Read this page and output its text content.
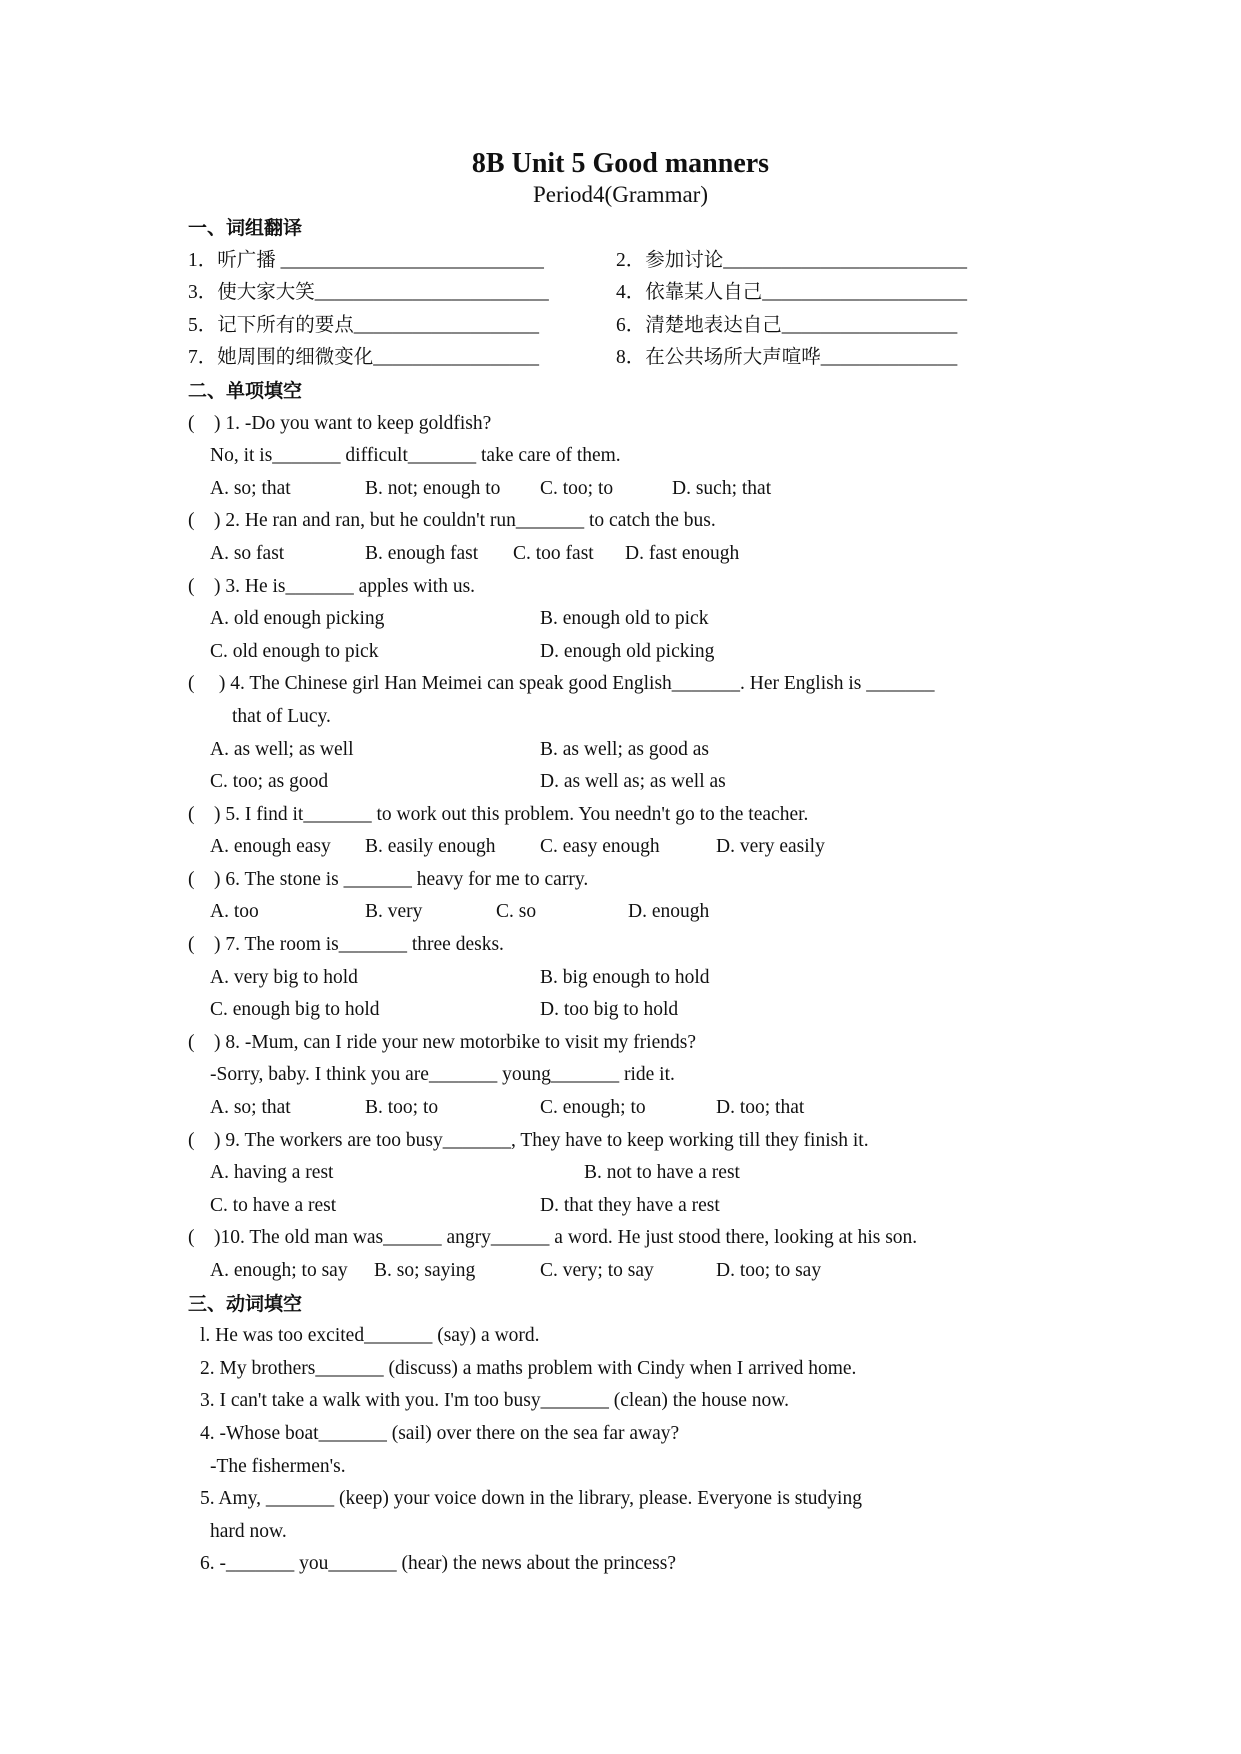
8B Unit 5 Good manners
Period4(Grammar)
一、词组翻译
1．听广播 ___________________________	2．参加讨论_________________________
3．使大家大笑________________________	4．依靠某人自己_____________________
5．记下所有的要点___________________	6．清楚地表达自己__________________
7．她周围的细微变化_________________	8．在公共场所大声喧哗______________
二、单项填空
(    ) 1. -Do you want to keep goldfish?
No, it is_______ difficult_______ take care of them.
A. so; that	B. not; enough to	C. too; to	D. such; that
(    ) 2. He ran and ran, but he couldn't run_______ to catch the bus.
A. so fast	B. enough fast	C. too fast	D. fast enough
(    ) 3. He is_______ apples with us.
A. old enough picking	B. enough old to pick
C. old enough to pick	D. enough old picking
(     ) 4. The Chinese girl Han Meimei can speak good English_______. Her English is _______
that of Lucy.
A. as well; as well	B. as well; as good as
C. too; as good	D. as well as; as well as
(    ) 5. I find it_______ to work out this problem. You needn't go to the teacher.
A. enough easy	B. easily enough	C. easy enough	D. very easily
(    ) 6. The stone is _______ heavy for me to carry.
A. too	B. very	C. so	D. enough
(    ) 7. The room is_______ three desks.
A. very big to hold	B. big enough to hold
C. enough big to hold	D. too big to hold
(    ) 8. -Mum, can I ride your new motorbike to visit my friends?
-Sorry, baby. I think you are_______ young_______ ride it.
A. so; that	B. too; to	C. enough; to	D. too; that
(    ) 9. The workers are too busy_______, They have to keep working till they finish it.
A. having a rest	B. not to have a rest
C. to have a rest	D. that they have a rest
(    )10. The old man was______ angry______ a word. He just stood there, looking at his son.
A. enough; to say	B. so; saying	C. very; to say	D. too; to say
三、动词填空
l. He was too excited_______ (say) a word.
2. My brothers_______ (discuss) a maths problem with Cindy when I arrived home.
3. I can't take a walk with you. I'm too busy_______ (clean) the house now.
4. -Whose boat_______ (sail) over there on the sea far away?
-The fishermen's.
5. Amy, _______ (keep) your voice down in the library, please. Everyone is studying
hard now.
6. -_______ you_______ (hear) the news about the princess?
